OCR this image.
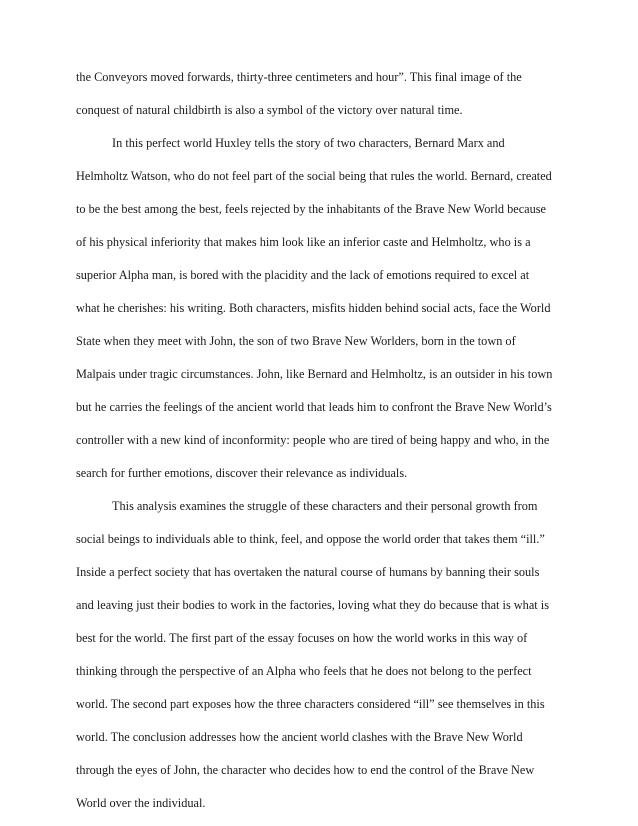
the Conveyors moved forwards, thirty-three centimeters and hour”. This final image of the
conquest of natural childbirth is also a symbol of the victory over natural time.
In this perfect world Huxley tells the story of two characters, Bernard Marx and
Helmholtz Watson, who do not feel part of the social being that rules the world. Bernard, created
to be the best among the best, feels rejected by the inhabitants of the Brave New World because
of his physical inferiority that makes him look like an inferior caste and Helmholtz, who is a
superior Alpha man, is bored with the placidity and the lack of emotions required to excel at
what he cherishes: his writing. Both characters, misfits hidden behind social acts, face the World
State when they meet with John, the son of two Brave New Worlders, born in the town of
Malpais under tragic circumstances. John, like Bernard and Helmholtz, is an outsider in his town
but he carries the feelings of the ancient world that leads him to confront the Brave New World’s
controller with a new kind of inconformity: people who are tired of being happy and who, in the
search for further emotions, discover their relevance as individuals.
This analysis examines the struggle of these characters and their personal growth from
social beings to individuals able to think, feel, and oppose the world order that takes them “ill.”
Inside a perfect society that has overtaken the natural course of humans by banning their souls
and leaving just their bodies to work in the factories, loving what they do because that is what is
best for the world. The first part of the essay focuses on how the world works in this way of
thinking through the perspective of an Alpha who feels that he does not belong to the perfect
world. The second part exposes how the three characters considered “ill” see themselves in this
world. The conclusion addresses how the ancient world clashes with the Brave New World
through the eyes of John, the character who decides how to end the control of the Brave New
World over the individual.
